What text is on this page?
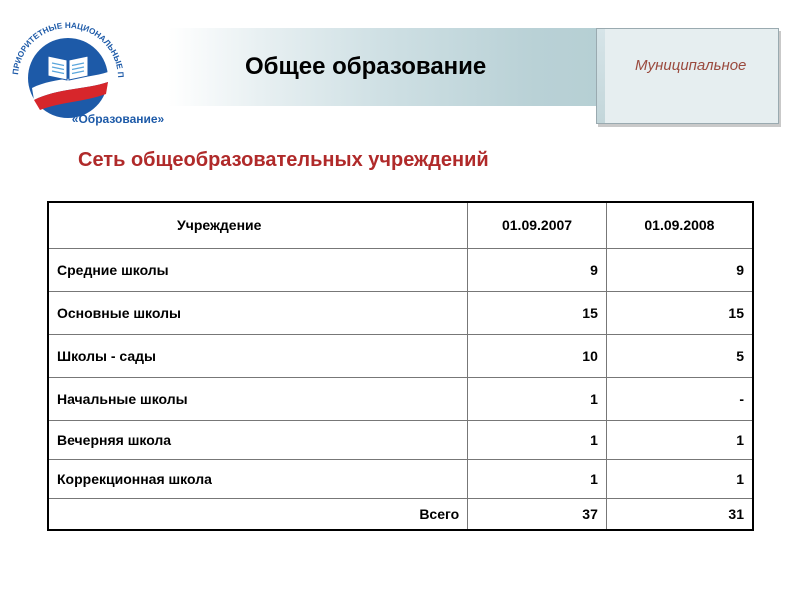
ПРИОРИТЕТНЫЕ НАЦИОНАЛЬНЫЕ П
«Образование»
Общее образование	Муниципальное
Сеть общеобразовательных учреждений
Учреждение	01.09.2007	01.09.2008
Средние школы	9	9
Основные школы	15	15
Школы - сады	10	5
Начальные школы	1	-
Вечерняя школа	1	1
Коррекционная школа	1	1
Всего	37	31
